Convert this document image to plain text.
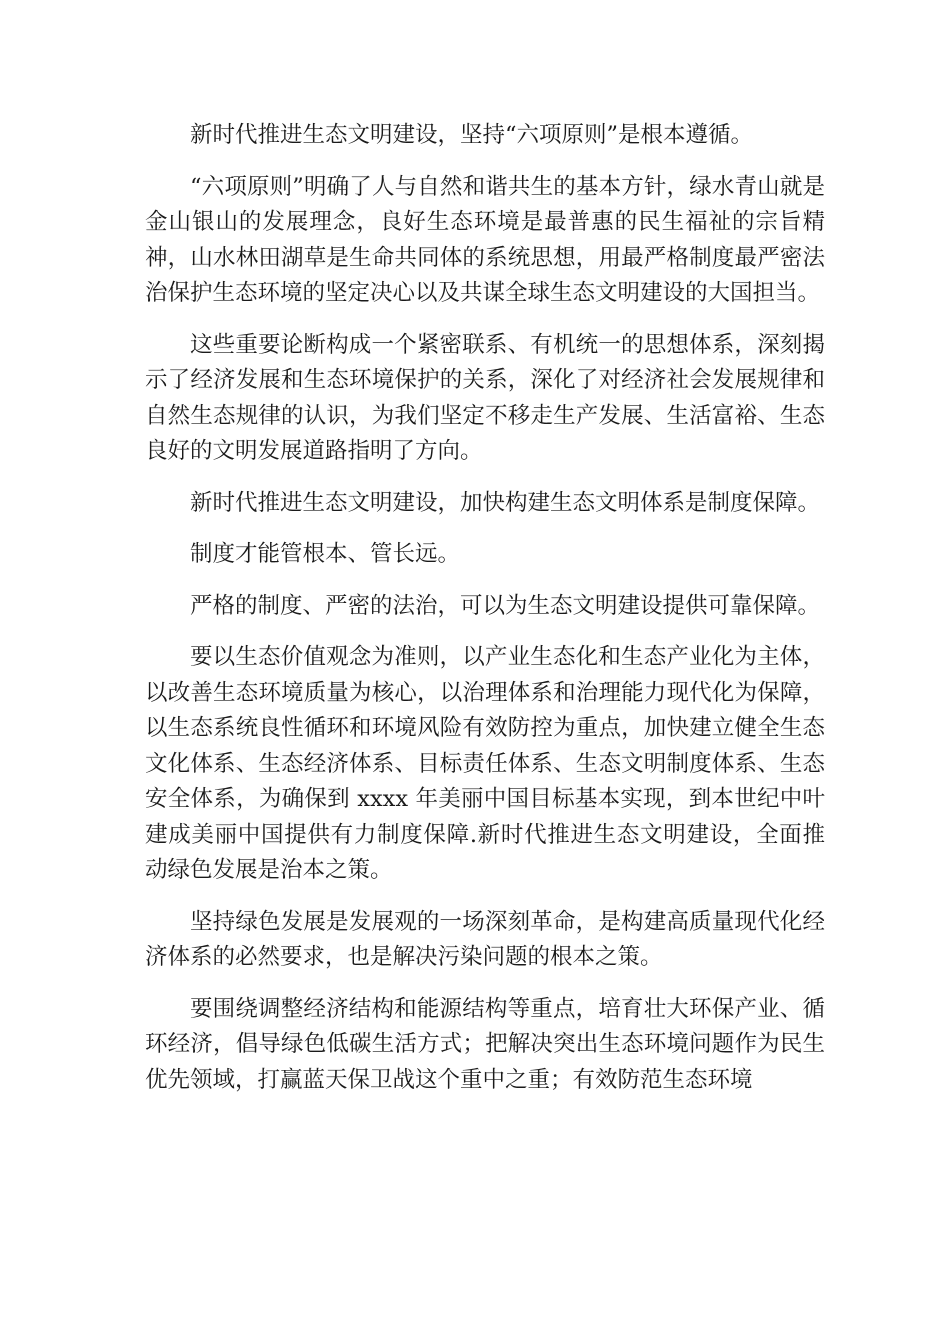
新时代推进生态文明建设，坚持“六项原则”是根本遵循。

“六项原则”明确了人与自然和谐共生的基本方针，绿水青山就是金山银山的发展理念，良好生态环境是最普惠的民生福祉的宗旨精神，山水林田湖草是生命共同体的系统思想，用最严格制度最严密法治保护生态环境的坚定决心以及共谋全球生态文明建设的大国担当。

这些重要论断构成一个紧密联系、有机统一的思想体系，深刻揭示了经济发展和生态环境保护的关系，深化了对经济社会发展规律和自然生态规律的认识，为我们坚定不移走生产发展、生活富裕、生态良好的文明发展道路指明了方向。

新时代推进生态文明建设，加快构建生态文明体系是制度保障。

制度才能管根本、管长远。

严格的制度、严密的法治，可以为生态文明建设提供可靠保障。

要以生态价值观念为准则，以产业生态化和生态产业化为主体，以改善生态环境质量为核心，以治理体系和治理能力现代化为保障，以生态系统良性循环和环境风险有效防控为重点，加快建立健全生态文化体系、生态经济体系、目标责任体系、生态文明制度体系、生态安全体系，为确保到 xxxx 年美丽中国目标基本实现，到本世纪中叶建成美丽中国提供有力制度保障.新时代推进生态文明建设，全面推动绿色发展是治本之策。

坚持绿色发展是发展观的一场深刻革命，是构建高质量现代化经济体系的必然要求，也是解决污染问题的根本之策。

要围绕调整经济结构和能源结构等重点，培育壮大环保产业、循环经济，倡导绿色低碳生活方式；把解决突出生态环境问题作为民生优先领域，打赢蓝天保卫战这个重中之重；有效防范生态环境
